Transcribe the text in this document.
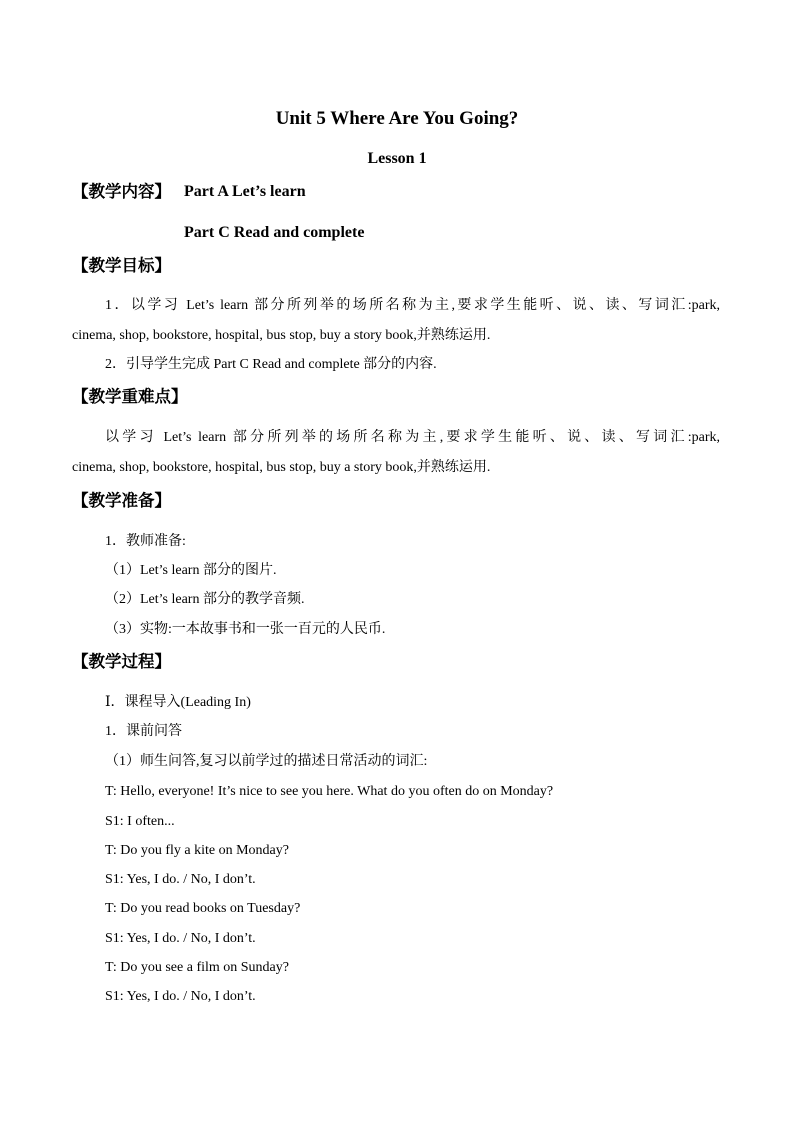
Unit 5 Where Are You Going?
Lesson 1
【教学内容】 Part A Let’s learn
Part C Read and complete
【教学目标】
1．以学习 Let’s learn 部分所列举的场所名称为主,要求学生能听、说、读、写词汇:park,
cinema, shop, bookstore, hospital, bus stop, buy a story book,并熟练运用.
2．引导学生完成 Part C Read and complete 部分的内容.
【教学重难点】
以学习 Let’s learn 部分所列举的场所名称为主,要求学生能听、说、读、写词汇:park,
cinema, shop, bookstore, hospital, bus stop, buy a story book,并熟练运用.
【教学准备】
1．教师准备:
（1）Let’s learn 部分的图片.
（2）Let’s learn 部分的教学音频.
（3）实物:一本故事书和一张一百元的人民币.
【教学过程】
Ⅰ．课程导入(Leading In)
1．课前问答
（1）师生问答,复习以前学过的描述日常活动的词汇:
T: Hello, everyone! It’s nice to see you here. What do you often do on Monday?
S1: I often...
T: Do you fly a kite on Monday?
S1: Yes, I do. / No, I don’t.
T: Do you read books on Tuesday?
S1: Yes, I do. / No, I don’t.
T: Do you see a film on Sunday?
S1: Yes, I do. / No, I don’t.
